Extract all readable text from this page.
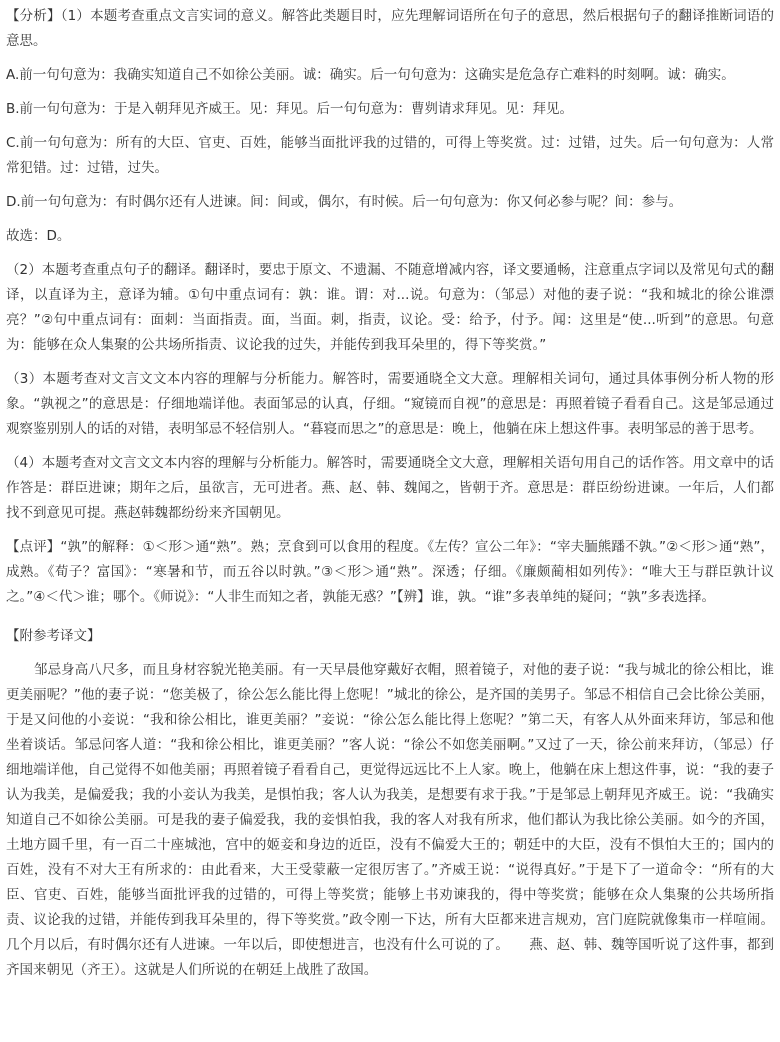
【分析】（1）本题考查重点文言实词的意义。解答此类题目时，应先理解词语所在句子的意思，然后根据句子的翻译推断词语的意思。

A.前一句句意为：我确实知道自己不如徐公美丽。诚：确实。后一句句意为：这确实是危急存亡难料的时刻啊。诚：确实。

B.前一句句意为：于是入朝拜见齐威王。见：拜见。后一句句意为：曹刿请求拜见。见：拜见。

C.前一句句意为：所有的大臣、官吏、百姓，能够当面批评我的过错的，可得上等奖赏。过：过错，过失。后一句句意为：人常常犯错。过：过错，过失。

D.前一句句意为：有时偶尔还有人进谏。间：间或，偶尔，有时候。后一句句意为：你又何必参与呢？间：参与。

故选：D。

（2）本题考查重点句子的翻译。翻译时，要忠于原文、不遗漏、不随意增减内容，译文要通畅，注意重点字词以及常见句式的翻译，以直译为主，意译为辅。①句中重点词有：孰：谁。谓：对...说。句意为：（邹忌）对他的妻子说：“我和城北的徐公谁漂亮？”②句中重点词有：面刺：当面指责。面，当面。刺，指责，议论。受：给予，付予。闻：这里是“使...听到”的意思。句意为：能够在众人集聚的公共场所指责、议论我的过失，并能传到我耳朵里的，得下等奖赏。”

（3）本题考查对文言文文本内容的理解与分析能力。解答时，需要通晓全文大意。理解相关词句，通过具体事例分析人物的形象。“孰视之”的意思是：仔细地端详他。表面邹忌的认真，仔细。“窥镜而自视”的意思是：再照着镜子看看自己。这是邹忌通过观察鉴别别人的话的对错，表明邹忌不轻信别人。“暮寝而思之”的意思是：晚上，他躺在床上想这件事。表明邹忌的善于思考。

（4）本题考查对文言文文本内容的理解与分析能力。解答时，需要通晓全文大意，理解相关语句用自己的话作答。用文章中的话作答是：群臣进谏；期年之后，虽欲言，无可进者。燕、赵、韩、魏闻之，皆朝于齐。意思是：群臣纷纷进谏。一年后，人们都找不到意见可提。燕赵韩魏都纷纷来齐国朝见。

【点评】“孰”的解释：①＜形＞通“熟”。熟；烹食到可以食用的程度。《左传？宣公二年》：“宰夫胹熊蹯不孰。”②＜形＞通“熟”，成熟。《荀子？富国》：“寒暑和节，而五谷以时孰。”③＜形＞通“熟”。深透；仔细。《廉颇蔺相如列传》：“唯大王与群臣孰计议之。”④＜代＞谁；哪个。《师说》：“人非生而知之者，孰能无惑？”【辨】谁，孰。“谁”多表单纯的疑问；“孰”多表选择。

【附参考译文】

邹忌身高八尺多，而且身材容貌光艳美丽。有一天早晨他穿戴好衣帽，照着镜子，对他的妻子说：“我与城北的徐公相比，谁更美丽呢？”他的妻子说：“您美极了，徐公怎么能比得上您呢！”城北的徐公，是齐国的美男子。邹忌不相信自己会比徐公美丽，于是又问他的小妾说：“我和徐公相比，谁更美丽？”妾说：“徐公怎么能比得上您呢？”第二天，有客人从外面来拜访，邹忌和他坐着谈话。邹忌问客人道：“我和徐公相比，谁更美丽？”客人说：“徐公不如您美丽啊。”又过了一天，徐公前来拜访，（邹忌）仔细地端详他，自己觉得不如他美丽；再照着镜子看看自己，更觉得远远比不上人家。晚上，他躺在床上想这件事，说：“我的妻子认为我美，是偏爱我；我的小妾认为我美，是惧怕我；客人认为我美，是想要有求于我。”于是邹忌上朝拜见齐威王。说：“我确实知道自己不如徐公美丽。可是我的妻子偏爱我，我的妾惧怕我，我的客人对我有所求，他们都认为我比徐公美丽。如今的齐国，土地方圆千里，有一百二十座城池，宫中的姬妾和身边的近臣，没有不偏爱大王的；朝廷中的大臣，没有不惧怕大王的；国内的百姓，没有不对大王有所求的：由此看来，大王受蒙蔽一定很厉害了。”齐威王说：“说得真好。”于是下了一道命令：“所有的大臣、官吏、百姓，能够当面批评我的过错的，可得上等奖赏；能够上书劝谏我的，得中等奖赏；能够在众人集聚的公共场所指责、议论我的过错，并能传到我耳朵里的，得下等奖赏。”政令刚一下达，所有大臣都来进言规劝，宫门庭院就像集市一样喧闹。几个月以后，有时偶尔还有人进谏。一年以后，即使想进言，也没有什么可说的了。　　燕、赵、韩、魏等国听说了这件事，都到齐国来朝见（齐王）。这就是人们所说的在朝廷上战胜了敌国。
